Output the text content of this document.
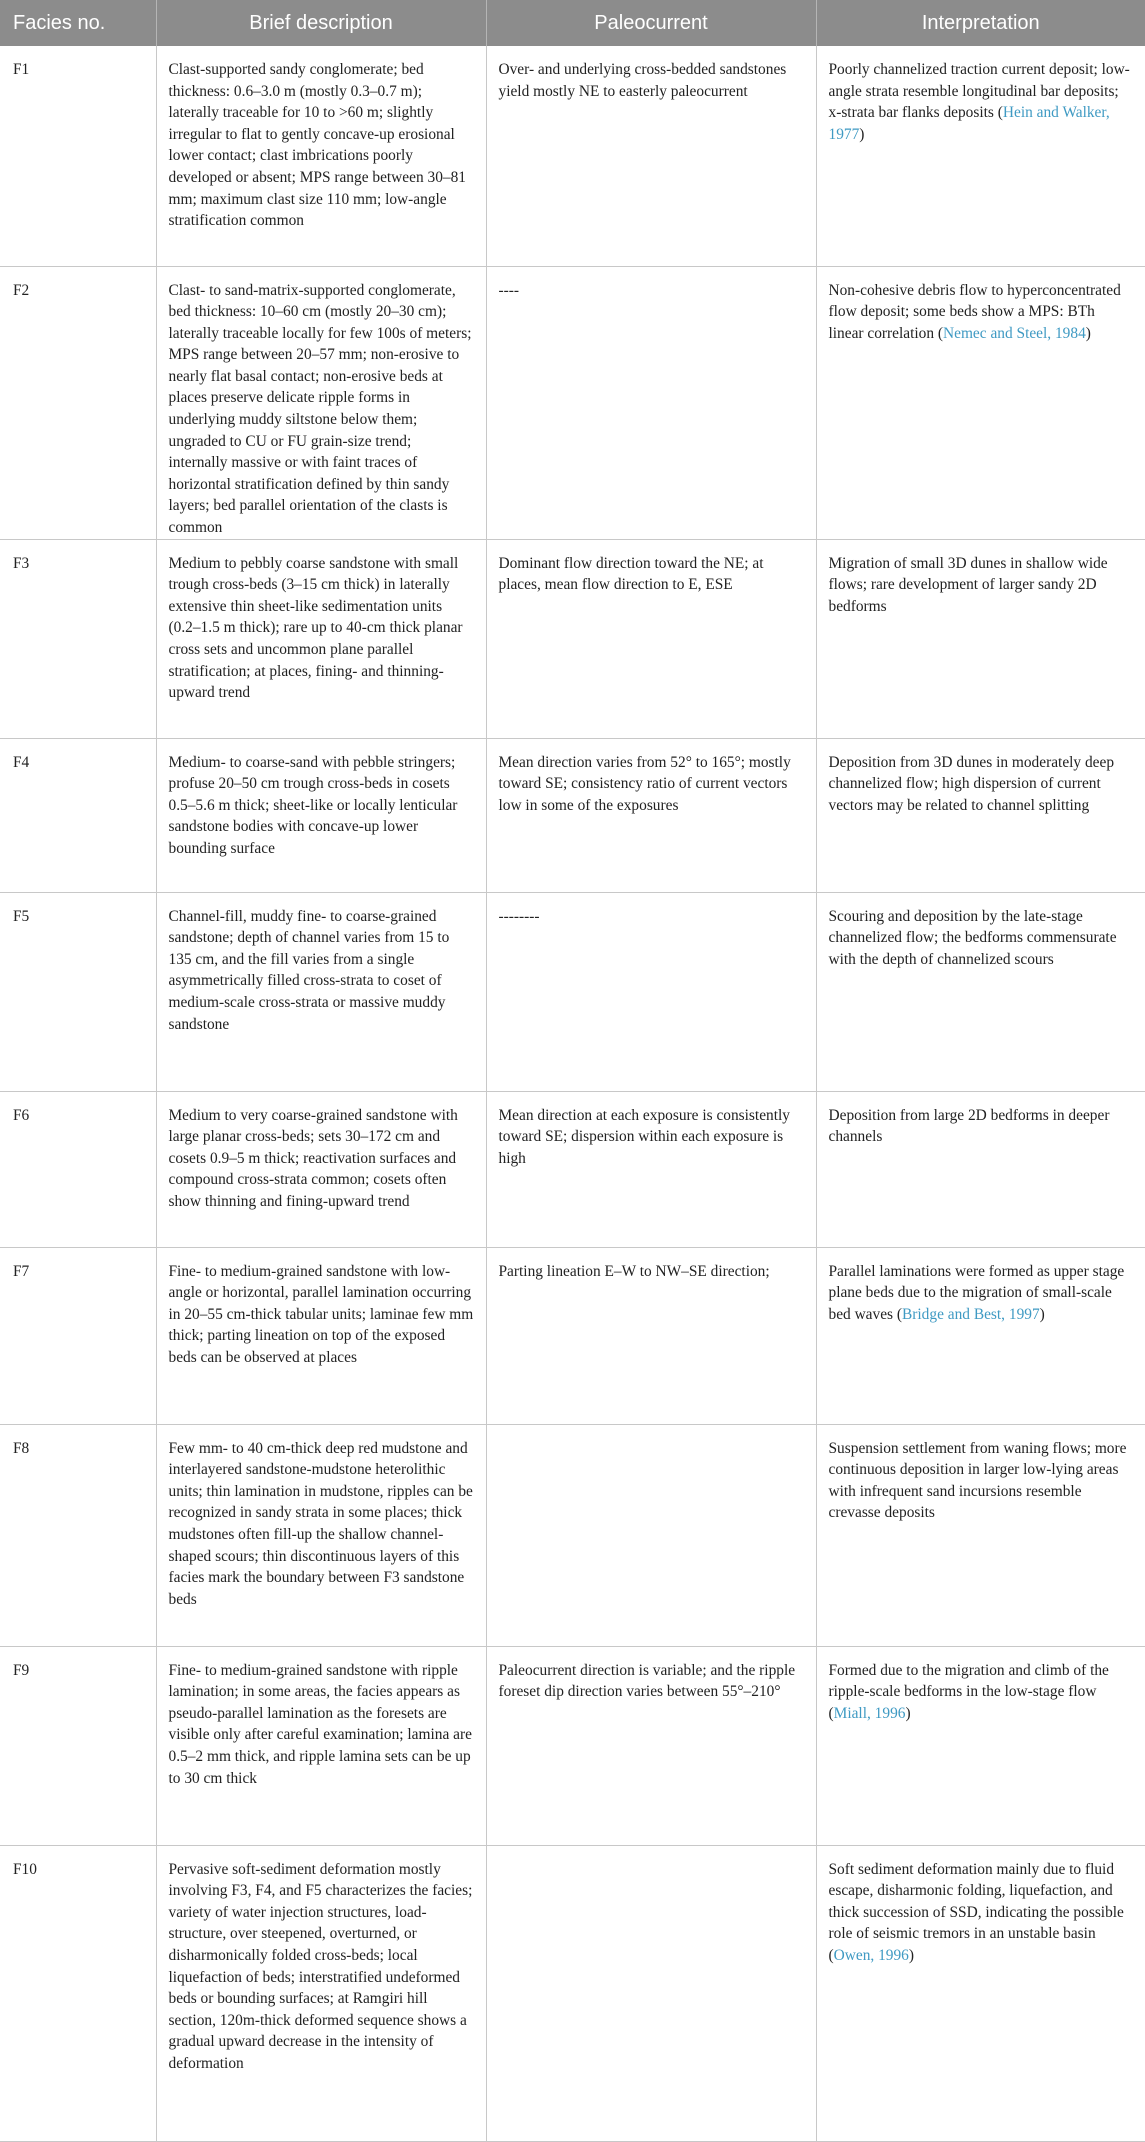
Facies no.	Brief description	Paleocurrent	Interpretation
F1	Clast-supported sandy conglomerate; bed thickness: 0.6–3.0 m (mostly 0.3–0.7 m); laterally traceable for 10 to >60 m; slightly irregular to flat to gently concave-up erosional lower contact; clast imbrications poorly developed or absent; MPS range between 30–81 mm; maximum clast size 110 mm; low-angle stratification common	Over- and underlying cross-bedded sandstones yield mostly NE to easterly paleocurrent	Poorly channelized traction current deposit; low-angle strata resemble longitudinal bar deposits; x-strata bar flanks deposits (Hein and Walker, 1977)
F2	Clast- to sand-matrix-supported conglomerate, bed thickness: 10–60 cm (mostly 20–30 cm); laterally traceable locally for few 100s of meters; MPS range between 20–57 mm; non-erosive to nearly flat basal contact; non-erosive beds at places preserve delicate ripple forms in underlying muddy siltstone below them; ungraded to CU or FU grain-size trend; internally massive or with faint traces of horizontal stratification defined by thin sandy layers; bed parallel orientation of the clasts is common	----	Non-cohesive debris flow to hyperconcentrated flow deposit; some beds show a MPS: BTh linear correlation (Nemec and Steel, 1984)
F3	Medium to pebbly coarse sandstone with small trough cross-beds (3–15 cm thick) in laterally extensive thin sheet-like sedimentation units (0.2–1.5 m thick); rare up to 40-cm thick planar cross sets and uncommon plane parallel stratification; at places, fining- and thinning-upward trend	Dominant flow direction toward the NE; at places, mean flow direction to E, ESE	Migration of small 3D dunes in shallow wide flows; rare development of larger sandy 2D bedforms
F4	Medium- to coarse-sand with pebble stringers; profuse 20–50 cm trough cross-beds in cosets 0.5–5.6 m thick; sheet-like or locally lenticular sandstone bodies with concave-up lower bounding surface	Mean direction varies from 52° to 165°; mostly toward SE; consistency ratio of current vectors low in some of the exposures	Deposition from 3D dunes in moderately deep channelized flow; high dispersion of current vectors may be related to channel splitting
F5	Channel-fill, muddy fine- to coarse-grained sandstone; depth of channel varies from 15 to 135 cm, and the fill varies from a single asymmetrically filled cross-strata to coset of medium-scale cross-strata or massive muddy sandstone	--------	Scouring and deposition by the late-stage channelized flow; the bedforms commensurate with the depth of channelized scours
F6	Medium to very coarse-grained sandstone with large planar cross-beds; sets 30–172 cm and cosets 0.9–5 m thick; reactivation surfaces and compound cross-strata common; cosets often show thinning and fining-upward trend	Mean direction at each exposure is consistently toward SE; dispersion within each exposure is high	Deposition from large 2D bedforms in deeper channels
F7	Fine- to medium-grained sandstone with low-angle or horizontal, parallel lamination occurring in 20–55 cm-thick tabular units; laminae few mm thick; parting lineation on top of the exposed beds can be observed at places	Parting lineation E–W to NW–SE direction;	Parallel laminations were formed as upper stage plane beds due to the migration of small-scale bed waves (Bridge and Best, 1997)
F8	Few mm- to 40 cm-thick deep red mudstone and interlayered sandstone-mudstone heterolithic units; thin lamination in mudstone, ripples can be recognized in sandy strata in some places; thick mudstones often fill-up the shallow channel-shaped scours; thin discontinuous layers of this facies mark the boundary between F3 sandstone beds		Suspension settlement from waning flows; more continuous deposition in larger low-lying areas with infrequent sand incursions resemble crevasse deposits
F9	Fine- to medium-grained sandstone with ripple lamination; in some areas, the facies appears as pseudo-parallel lamination as the foresets are visible only after careful examination; lamina are 0.5–2 mm thick, and ripple lamina sets can be up to 30 cm thick	Paleocurrent direction is variable; and the ripple foreset dip direction varies between 55°–210°	Formed due to the migration and climb of the ripple-scale bedforms in the low-stage flow (Miall, 1996)
F10	Pervasive soft-sediment deformation mostly involving F3, F4, and F5 characterizes the facies; variety of water injection structures, load-structure, over steepened, overturned, or disharmonically folded cross-beds; local liquefaction of beds; interstratified undeformed beds or bounding surfaces; at Ramgiri hill section, 120m-thick deformed sequence shows a gradual upward decrease in the intensity of deformation		Soft sediment deformation mainly due to fluid escape, disharmonic folding, liquefaction, and thick succession of SSD, indicating the possible role of seismic tremors in an unstable basin (Owen, 1996)
